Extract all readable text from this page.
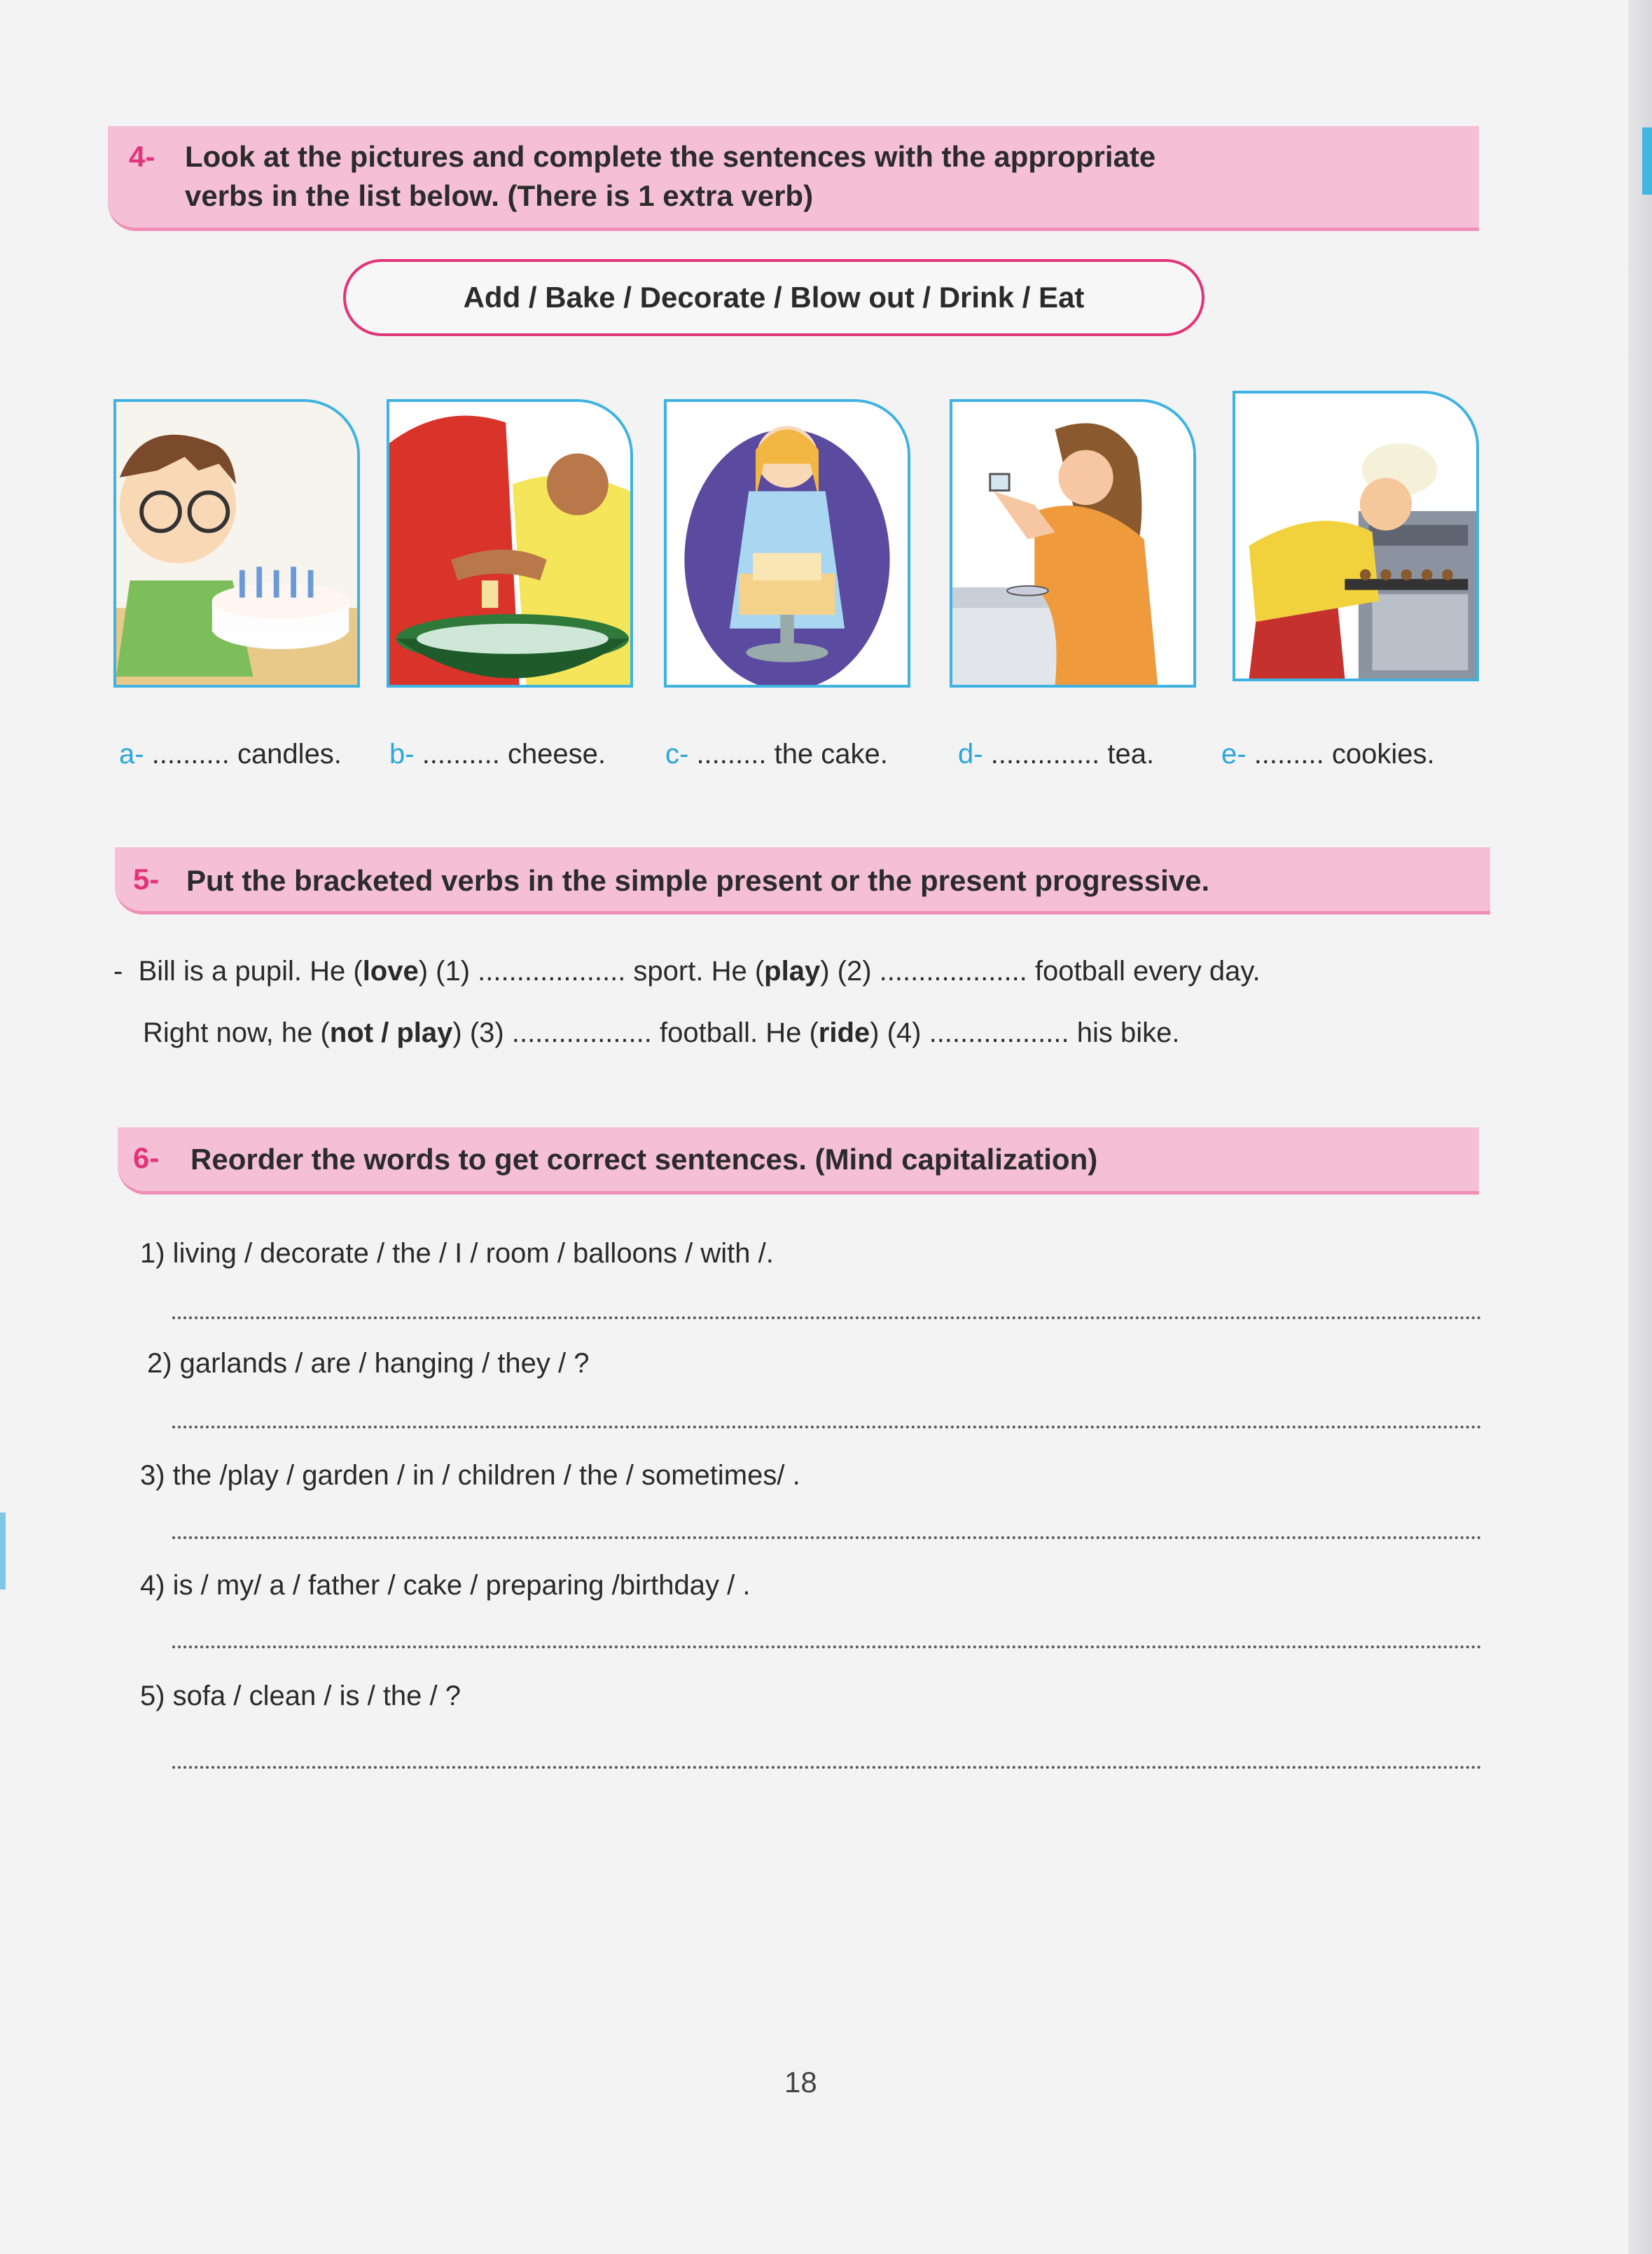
4- Look at the pictures and complete the sentences with the appropriate
verbs in the list below. (There is 1 extra verb)
Add / Bake / Decorate / Blow out / Drink / Eat
a- .......... candles. b- .......... cheese. c- ......... the cake.	d- .............. tea. e- ......... cookies.
5- Put the bracketed verbs in the simple present or the present progressive.
- Bill is a pupil. He (love) (1) ................... sport. He (play) (2) ................... football every day.
Right now, he (not / play) (3) .................. football. He (ride) (4) .................. his bike.
6- Reorder the words to get correct sentences. (Mind capitalization)
1) living / decorate / the / I / room / balloons / with /.
2) garlands / are / hanging / they / ?
3) the /play / garden / in / children / the / sometimes/ .
4) is / my/ a / father / cake / preparing /birthday / .
5) sofa / clean / is / the / ?
18
